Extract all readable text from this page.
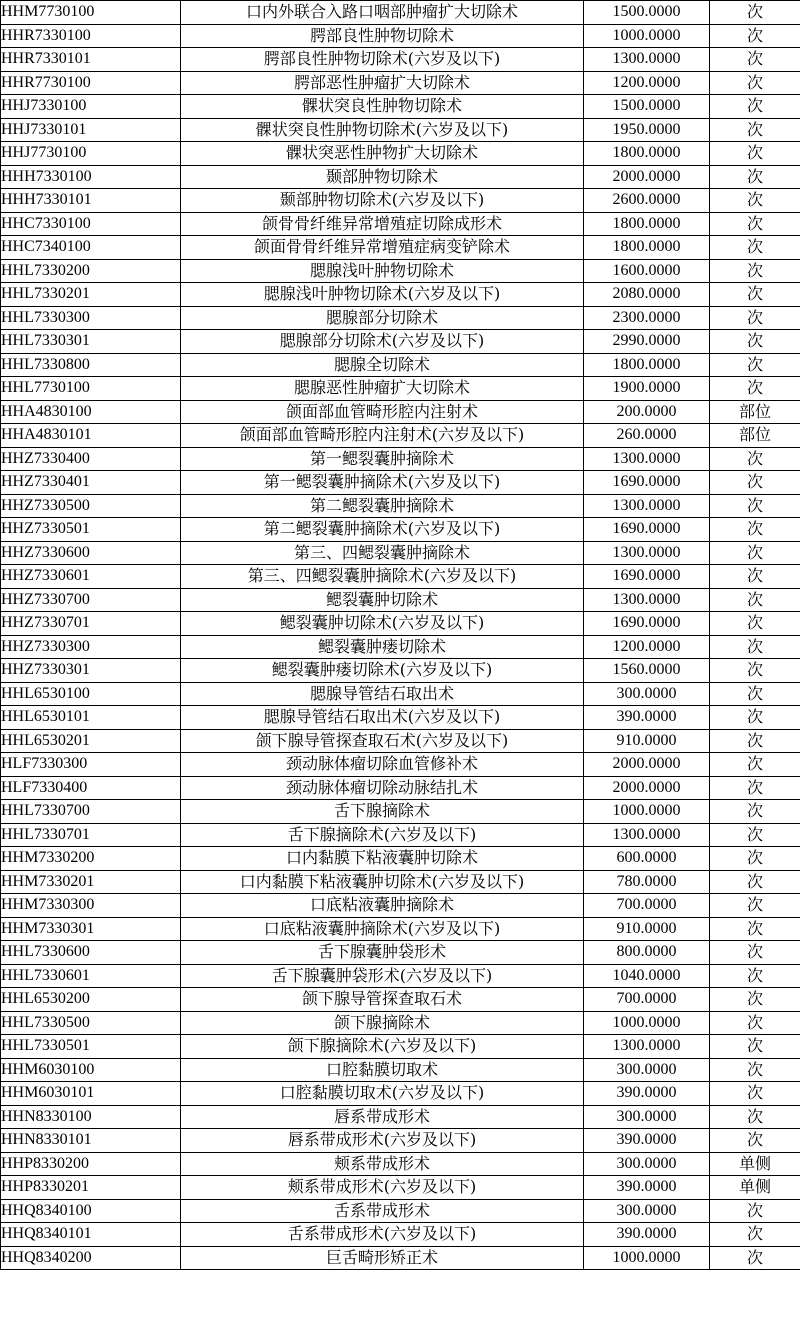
HHM7730100	口内外联合入路口咽部肿瘤扩大切除术	1500.0000	次
HHR7330100	腭部良性肿物切除术	1000.0000	次
HHR7330101	腭部良性肿物切除术(六岁及以下)	1300.0000	次
HHR7730100	腭部恶性肿瘤扩大切除术	1200.0000	次
HHJ7330100	髁状突良性肿物切除术	1500.0000	次
HHJ7330101	髁状突良性肿物切除术(六岁及以下)	1950.0000	次
HHJ7730100	髁状突恶性肿物扩大切除术	1800.0000	次
HHH7330100	颞部肿物切除术	2000.0000	次
HHH7330101	颞部肿物切除术(六岁及以下)	2600.0000	次
HHC7330100	颌骨骨纤维异常增殖症切除成形术	1800.0000	次
HHC7340100	颌面骨骨纤维异常增殖症病变铲除术	1800.0000	次
HHL7330200	腮腺浅叶肿物切除术	1600.0000	次
HHL7330201	腮腺浅叶肿物切除术(六岁及以下)	2080.0000	次
HHL7330300	腮腺部分切除术	2300.0000	次
HHL7330301	腮腺部分切除术(六岁及以下)	2990.0000	次
HHL7330800	腮腺全切除术	1800.0000	次
HHL7730100	腮腺恶性肿瘤扩大切除术	1900.0000	次
HHA4830100	颌面部血管畸形腔内注射术	200.0000	部位
HHA4830101	颌面部血管畸形腔内注射术(六岁及以下)	260.0000	部位
HHZ7330400	第一鳃裂囊肿摘除术	1300.0000	次
HHZ7330401	第一鳃裂囊肿摘除术(六岁及以下)	1690.0000	次
HHZ7330500	第二鳃裂囊肿摘除术	1300.0000	次
HHZ7330501	第二鳃裂囊肿摘除术(六岁及以下)	1690.0000	次
HHZ7330600	第三、四鳃裂囊肿摘除术	1300.0000	次
HHZ7330601	第三、四鳃裂囊肿摘除术(六岁及以下)	1690.0000	次
HHZ7330700	鳃裂囊肿切除术	1300.0000	次
HHZ7330701	鳃裂囊肿切除术(六岁及以下)	1690.0000	次
HHZ7330300	鳃裂囊肿瘘切除术	1200.0000	次
HHZ7330301	鳃裂囊肿瘘切除术(六岁及以下)	1560.0000	次
HHL6530100	腮腺导管结石取出术	300.0000	次
HHL6530101	腮腺导管结石取出术(六岁及以下)	390.0000	次
HHL6530201	颌下腺导管探查取石术(六岁及以下)	910.0000	次
HLF7330300	颈动脉体瘤切除血管修补术	2000.0000	次
HLF7330400	颈动脉体瘤切除动脉结扎术	2000.0000	次
HHL7330700	舌下腺摘除术	1000.0000	次
HHL7330701	舌下腺摘除术(六岁及以下)	1300.0000	次
HHM7330200	口内黏膜下粘液囊肿切除术	600.0000	次
HHM7330201	口内黏膜下粘液囊肿切除术(六岁及以下)	780.0000	次
HHM7330300	口底粘液囊肿摘除术	700.0000	次
HHM7330301	口底粘液囊肿摘除术(六岁及以下)	910.0000	次
HHL7330600	舌下腺囊肿袋形术	800.0000	次
HHL7330601	舌下腺囊肿袋形术(六岁及以下)	1040.0000	次
HHL6530200	颌下腺导管探查取石术	700.0000	次
HHL7330500	颌下腺摘除术	1000.0000	次
HHL7330501	颌下腺摘除术(六岁及以下)	1300.0000	次
HHM6030100	口腔黏膜切取术	300.0000	次
HHM6030101	口腔黏膜切取术(六岁及以下)	390.0000	次
HHN8330100	唇系带成形术	300.0000	次
HHN8330101	唇系带成形术(六岁及以下)	390.0000	次
HHP8330200	颊系带成形术	300.0000	单侧
HHP8330201	颊系带成形术(六岁及以下)	390.0000	单侧
HHQ8340100	舌系带成形术	300.0000	次
HHQ8340101	舌系带成形术(六岁及以下)	390.0000	次
HHQ8340200	巨舌畸形矫正术	1000.0000	次
